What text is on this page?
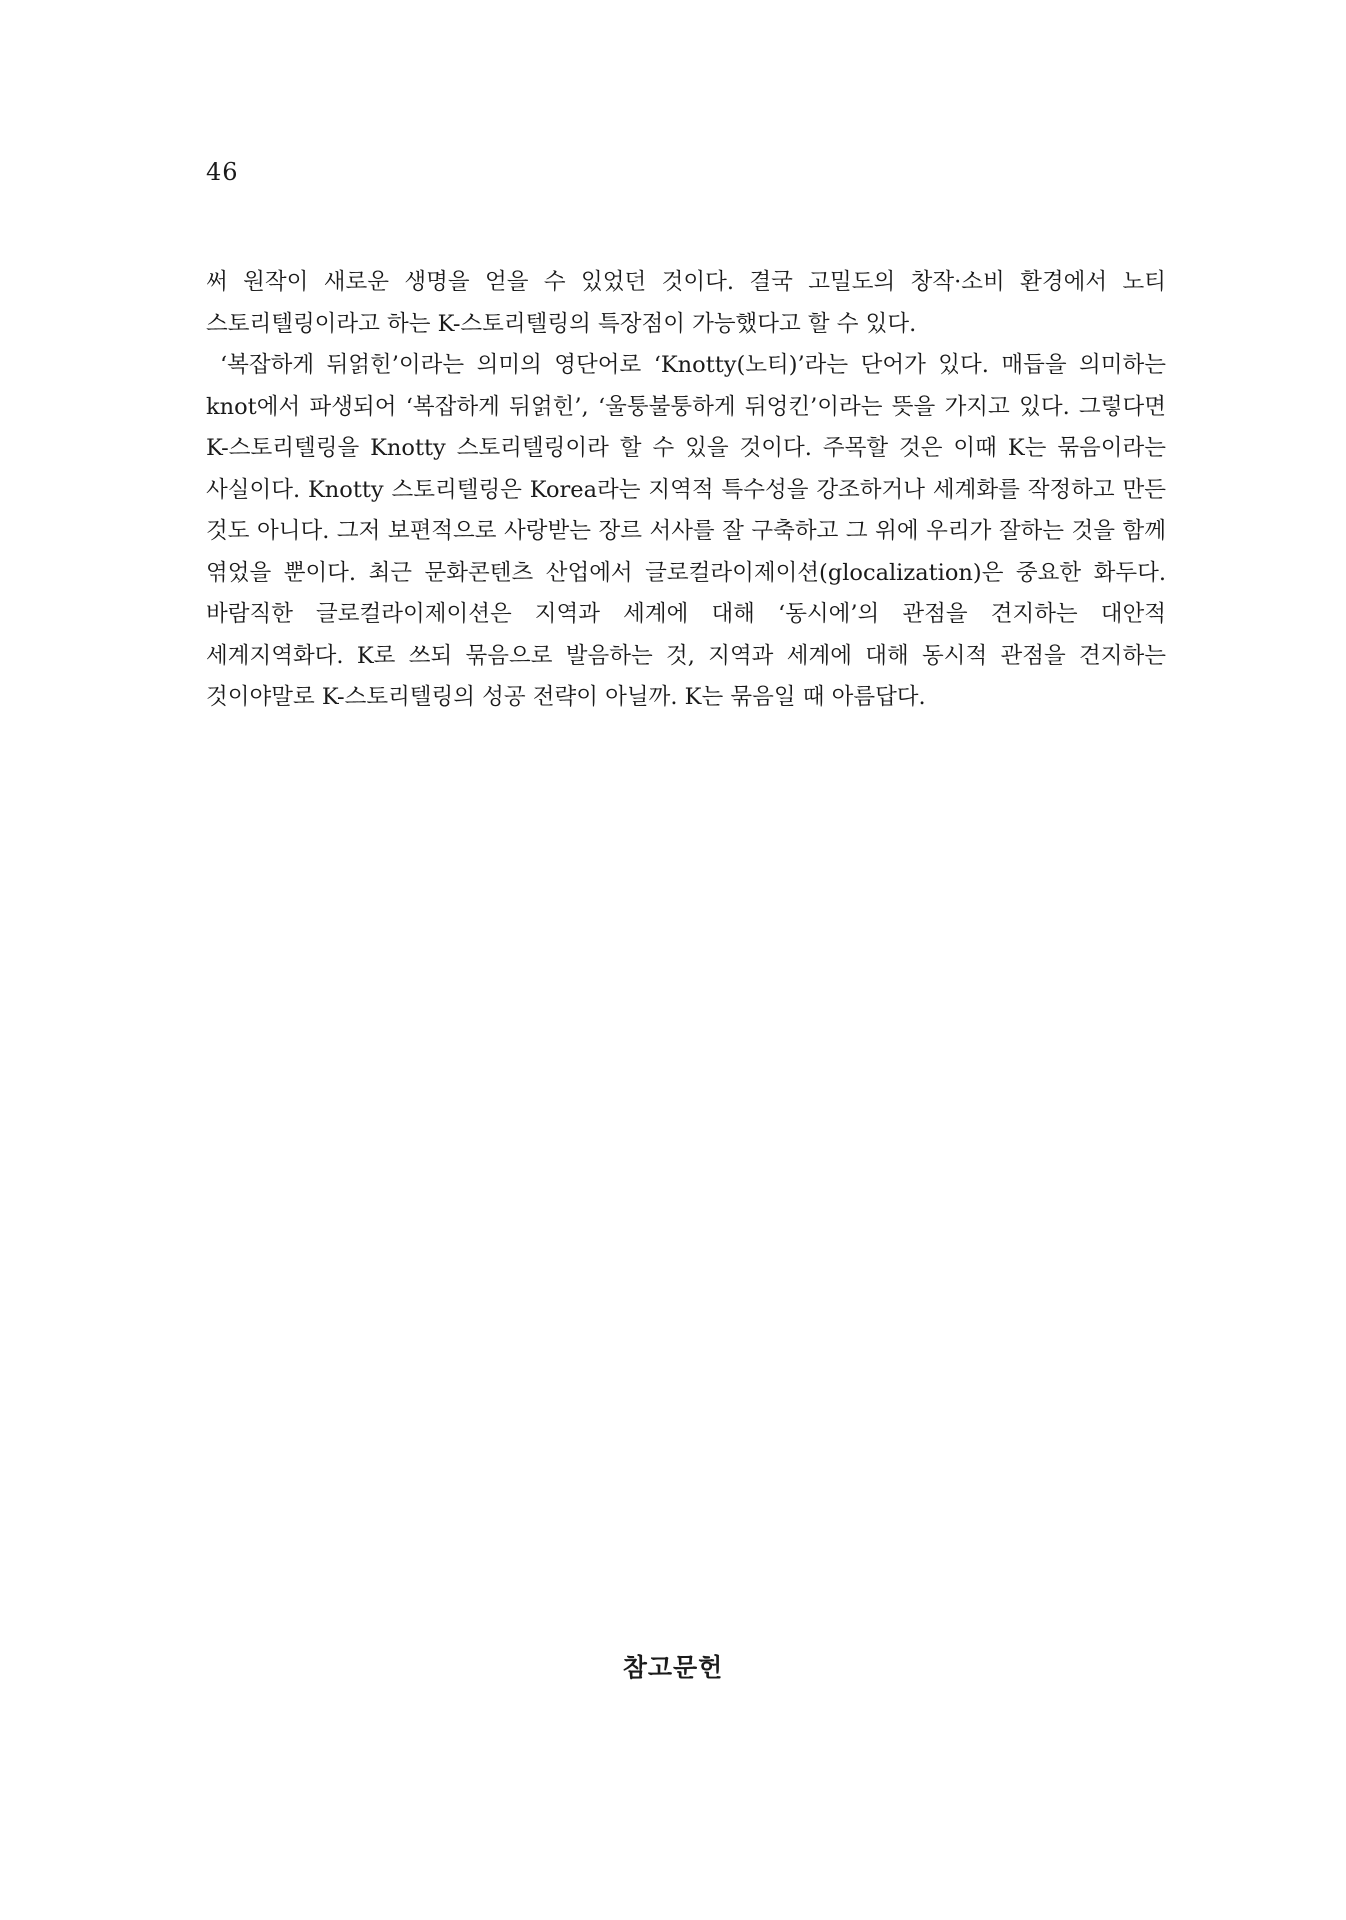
46

써 원작이 새로운 생명을 얻을 수 있었던 것이다. 결국 고밀도의 창작·소비 환경에서 노티 스토리텔링이라고 하는 K-스토리텔링의 특장점이 가능했다고 할 수 있다.

‘복잡하게 뒤얽힌’이라는 의미의 영단어로 ‘Knotty(노티)’라는 단어가 있다. 매듭을 의미하는 knot에서 파생되어 ‘복잡하게 뒤얽힌’, ‘울퉁불퉁하게 뒤엉킨’이라는 뜻을 가지고 있다. 그렇다면 K-스토리텔링을 Knotty 스토리텔링이라 할 수 있을 것이다. 주목할 것은 이때 K는 묶음이라는 사실이다. Knotty 스토리텔링은 Korea라는 지역적 특수성을 강조하거나 세계화를 작정하고 만든 것도 아니다. 그저 보편적으로 사랑받는 장르 서사를 잘 구축하고 그 위에 우리가 잘하는 것을 함께 엮었을 뿐이다. 최근 문화콘텐츠 산업에서 글로컬라이제이션(glocalization)은 중요한 화두다. 바람직한 글로컬라이제이션은 지역과 세계에 대해 ‘동시에’의 관점을 견지하는 대안적 세계지역화다. K로 쓰되 묶음으로 발음하는 것, 지역과 세계에 대해 동시적 관점을 견지하는 것이야말로 K-스토리텔링의 성공 전략이 아닐까. K는 묶음일 때 아름답다.

참고문헌
